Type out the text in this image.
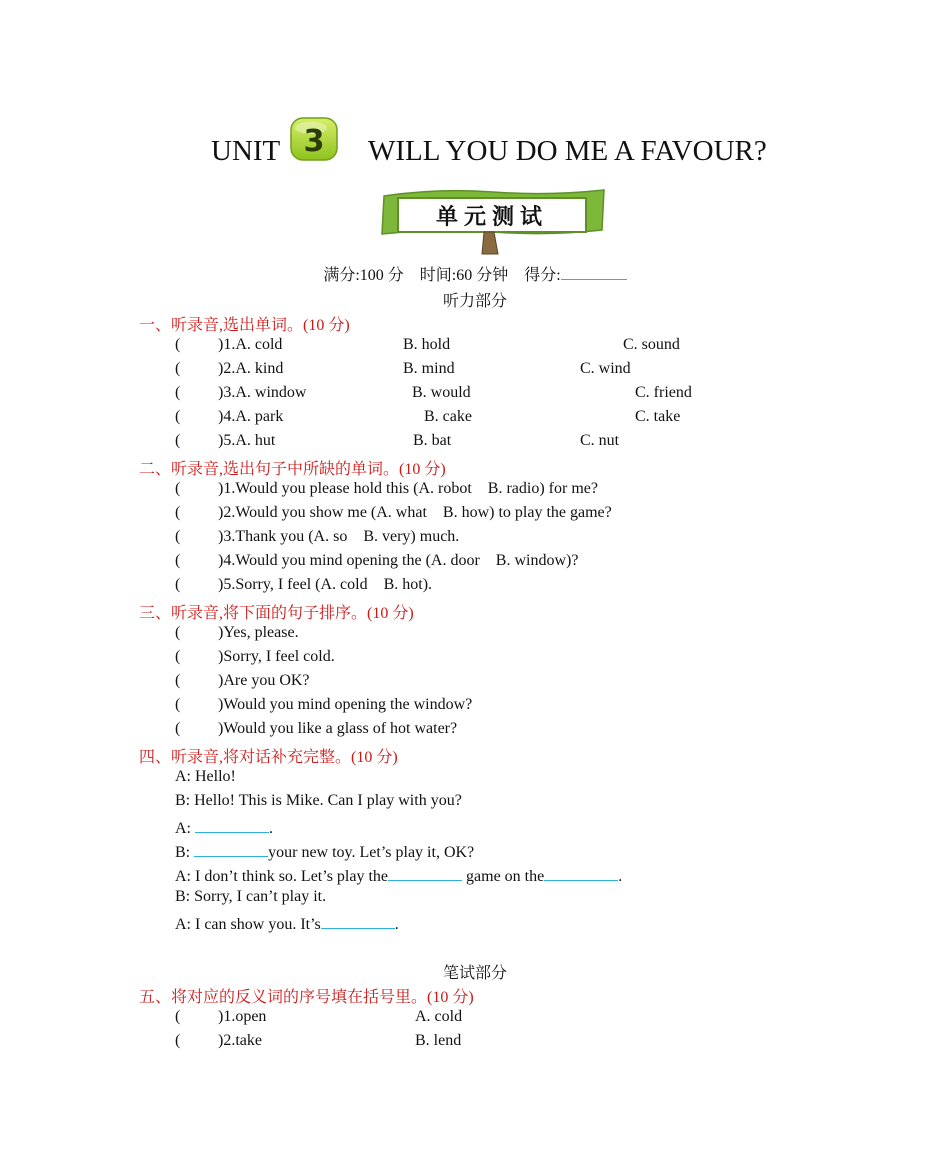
UNIT 3 WILL YOU DO ME A FAVOUR?
单元测试
满分:100 分 时间:60 分钟 得分:
听力部分
一、听录音,选出单词。(10 分)
( )1.A. cold	B. hold	C. sound
( )2.A. kind	B. mind	C. wind
( )3.A. window	B. would	C. friend
( )4.A. park	B. cake	C. take
( )5.A. hut	B. bat	C. nut
二、听录音,选出句子中所缺的单词。(10 分)
( )1.Would you please hold this (A. robot    B. radio) for me?
( )2.Would you show me (A. what    B. how) to play the game?
( )3.Thank you (A. so    B. very) much.
( )4.Would you mind opening the (A. door    B. window)?
( )5.Sorry, I feel (A. cold    B. hot).
三、听录音,将下面的句子排序。(10 分)
( )Yes, please.
( )Sorry, I feel cold.
( )Are you OK?
( )Would you mind opening the window?
( )Would you like a glass of hot water?
四、听录音,将对话补充完整。(10 分)
A: Hello!
B: Hello! This is Mike. Can I play with you?
A:	.
B:	your new toy. Let’s play it, OK?
A: I don’t think so. Let’s play the	game on the	.
B: Sorry, I can’t play it.
A: I can show you. It’s	.
笔试部分
五、将对应的反义词的序号填在括号里。(10 分)
( )1.open	A. cold
( )2.take	B. lend
